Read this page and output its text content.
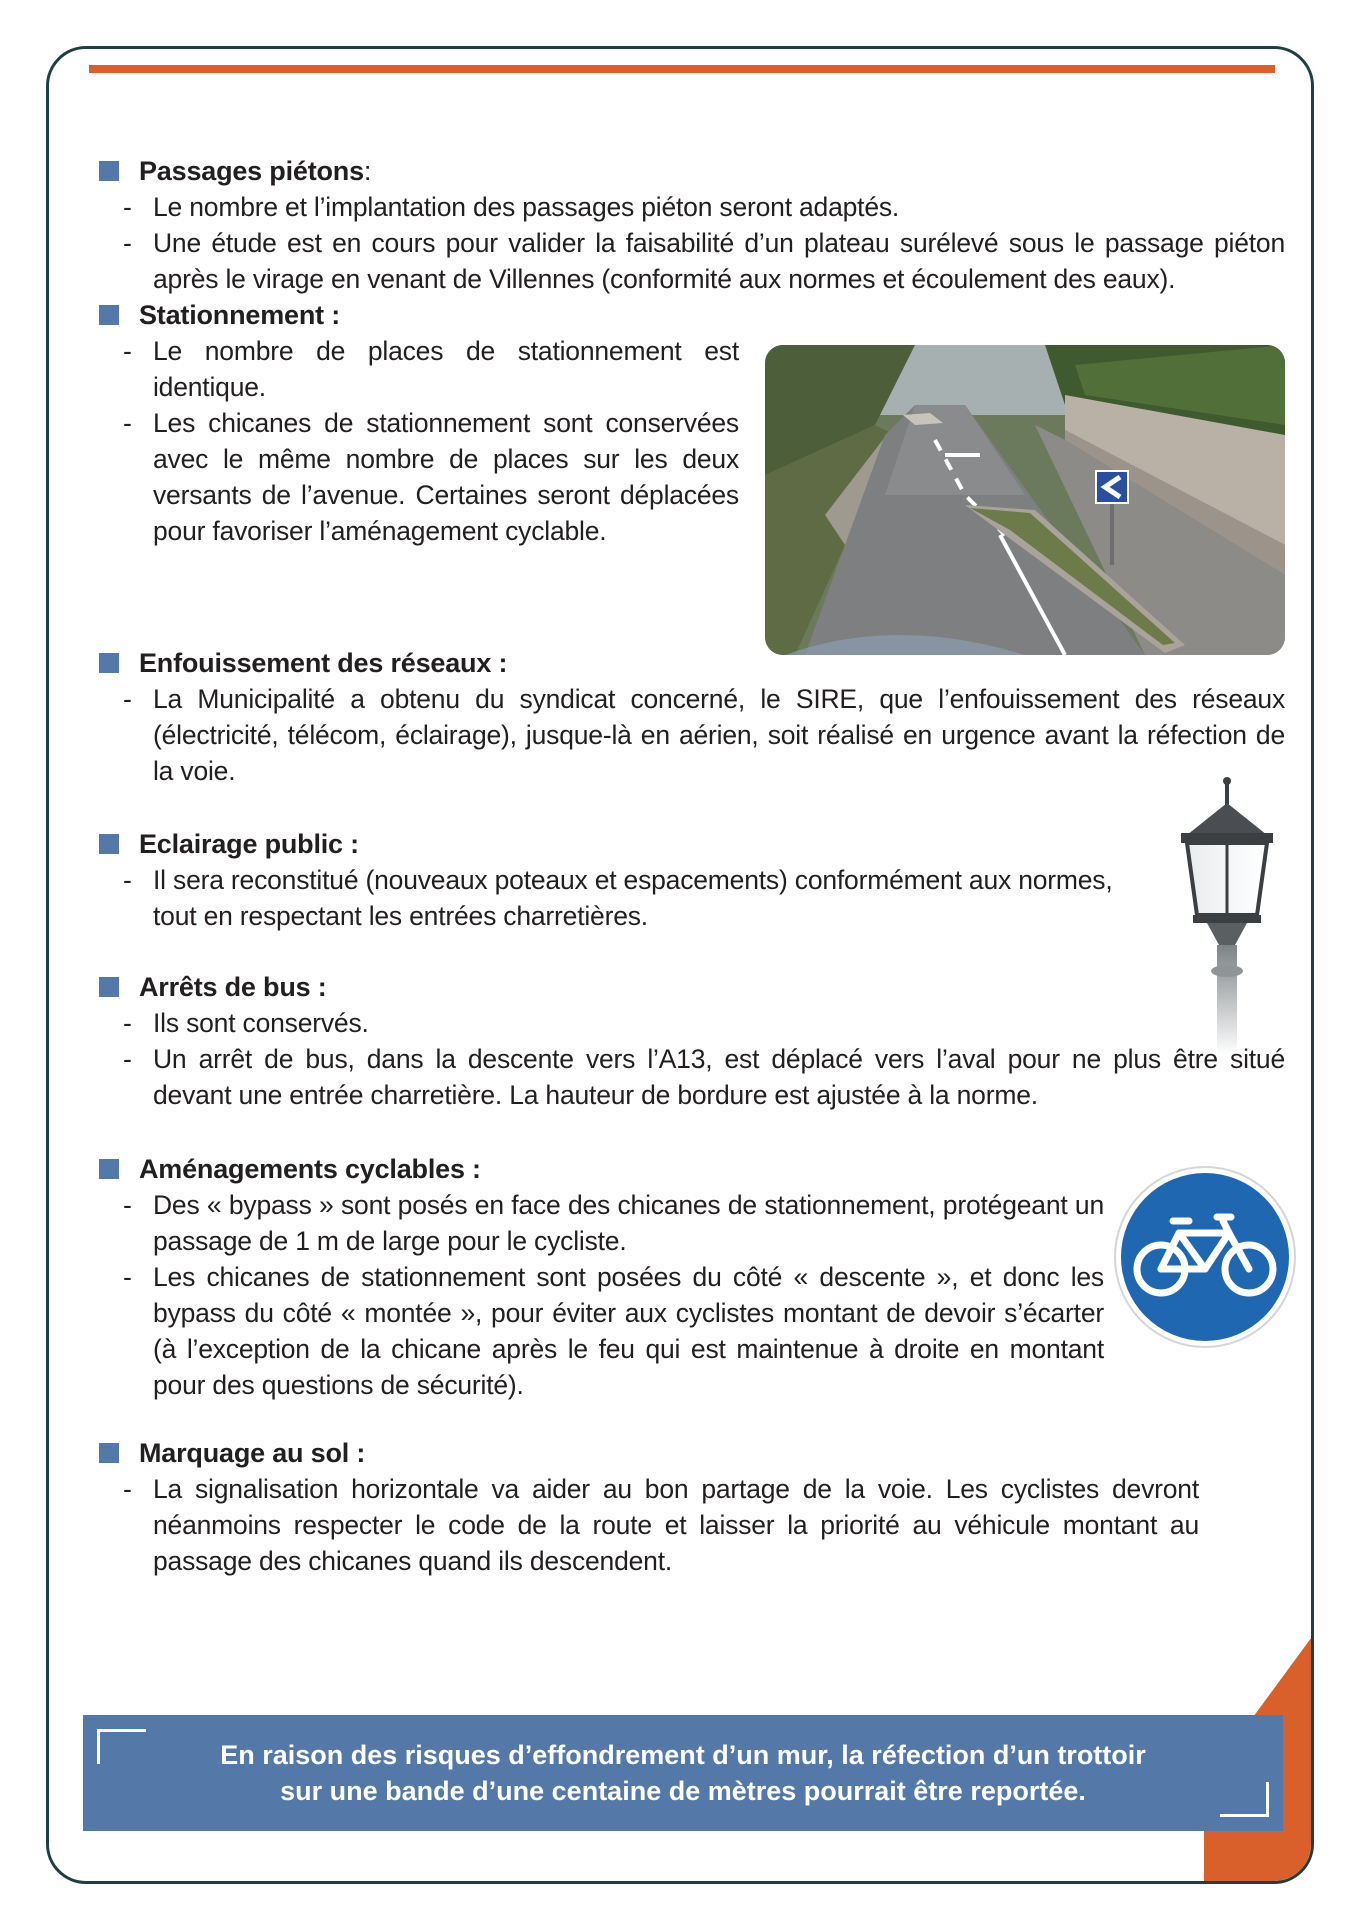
Passages piétons :
- Le nombre et l’implantation des passages piéton seront adaptés.
- Une étude est en cours pour valider la faisabilité d’un plateau surélevé sous le passage piéton après le virage en venant de Villennes (conformité aux normes et écoulement des eaux).
Stationnement :
- Le nombre de places de stationnement est identique.
- Les chicanes de stationnement sont conservées avec le même nombre de places sur les deux versants de l’avenue. Certaines seront déplacées pour favoriser l’aménagement cyclable.
Enfouissement des réseaux :
- La Municipalité a obtenu du syndicat concerné, le SIRE, que l’enfouissement des réseaux (électricité, télécom, éclairage), jusque-là en aérien, soit réalisé en urgence avant la réfection de la voie.
Eclairage public :
- Il sera reconstitué (nouveaux poteaux et espacements) conformément aux normes, tout en respectant les entrées charretières.
Arrêts de bus :
- Ils sont conservés.
- Un arrêt de bus, dans la descente vers l’A13, est déplacé vers l’aval pour ne plus être situé devant une entrée charretière. La hauteur de bordure est ajustée à la norme.
Aménagements cyclables :
- Des « bypass » sont posés en face des chicanes de stationnement, protégeant un passage de 1 m de large pour le cycliste.
- Les chicanes de stationnement sont posées du côté « descente », et donc les bypass du côté « montée », pour éviter aux cyclistes montant de devoir s’écarter (à l’exception de la chicane après le feu qui est maintenue à droite en montant pour des questions de sécurité).
Marquage au sol :
- La signalisation horizontale va aider au bon partage de la voie. Les cyclistes devront néanmoins respecter le code de la route et laisser la priorité au véhicule montant au passage des chicanes quand ils descendent.
En raison des risques d’effondrement d’un mur, la réfection d’un trottoir
sur une bande d’une centaine de mètres pourrait être reportée.
